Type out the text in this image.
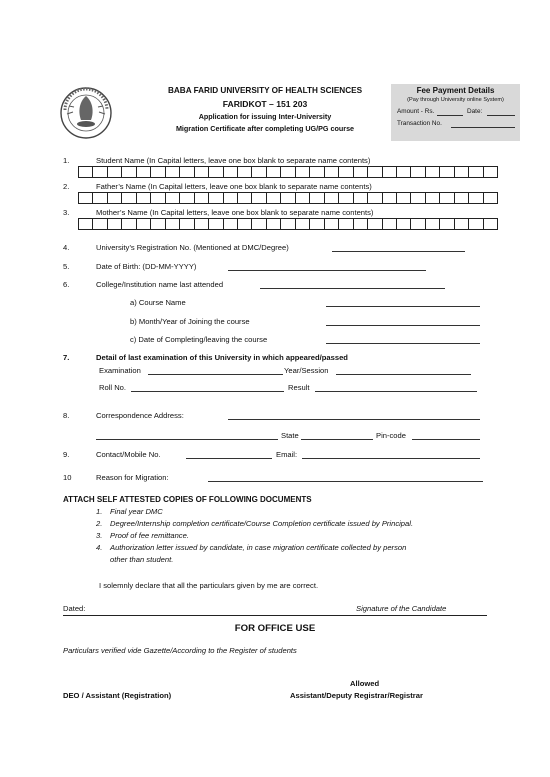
BABA FARID UNIVERSITY OF HEALTH SCIENCES
FARIDKOT – 151 203
Application for issuing Inter-University
Migration Certificate after completing UG/PG course
Fee Payment Details
(Pay through University online System)
Amount - Rs.	Date:
Transaction No.
1.	Student Name (In Capital letters, leave one box blank to separate name contents)
2.	Father’s Name (In Capital letters, leave one box blank to separate name contents)
3.	Mother’s Name (In Capital letters, leave one box blank to separate name contents)
4.	University’s Registration No. (Mentioned at DMC/Degree)
5.	Date of Birth: (DD-MM-YYYY)
6.	College/Institution name last attended
a) Course Name
b) Month/Year of Joining the course
c) Date of Completing/leaving the course
7.	Detail of last examination of this University in which appeared/passed
Examination	Year/Session
Roll No.	Result
8.	Correspondence Address:
State	Pin-code
9.	Contact/Mobile No.	Email:
10	Reason for Migration:
ATTACH SELF ATTESTED COPIES OF FOLLOWING DOCUMENTS
1. Final year DMC
2. Degree/Internship completion certificate/Course Completion certificate issued by Principal.
3. Proof of fee remittance.
4. Authorization letter issued by candidate, in case migration certificate collected by person
other than student.
I solemnly declare that all the particulars given by me are correct.
Dated:	Signature of the Candidate
FOR OFFICE USE
Particulars verified vide Gazette/According to the Register of students
Allowed
DEO / Assistant (Registration)	Assistant/Deputy Registrar/Registrar
